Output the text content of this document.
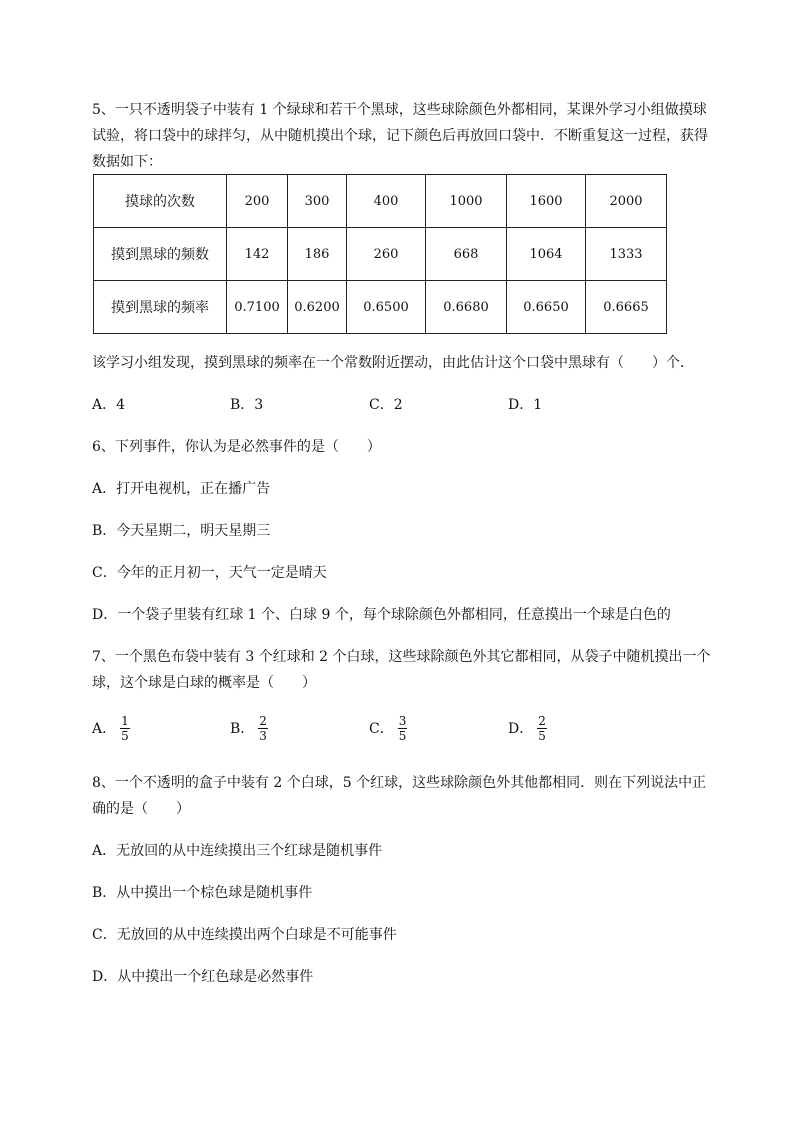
5、一只不透明袋子中装有 1 个绿球和若干个黑球，这些球除颜色外都相同，某课外学习小组做摸球
试验，将口袋中的球拌匀，从中随机摸出个球，记下颜色后再放回口袋中．不断重复这一过程，获得
数据如下：
摸球的次数	200	300	400	1000	1600	2000
摸到黑球的频数	142	186	260	668	1064	1333
摸到黑球的频率	0.7100	0.6200	0.6500	0.6680	0.6650	0.6665
该学习小组发现，摸到黑球的频率在一个常数附近摆动，由此估计这个口袋中黑球有（　　）个．
A．4	B．3	C．2	D．1
6、下列事件，你认为是必然事件的是（　　）
A．打开电视机，正在播广告
B．今天星期二，明天星期三
C．今年的正月初一，天气一定是晴天
D．一个袋子里装有红球 1 个、白球 9 个，每个球除颜色外都相同，任意摸出一个球是白色的
7、一个黑色布袋中装有 3 个红球和 2 个白球，这些球除颜色外其它都相同，从袋子中随机摸出一个
球，这个球是白球的概率是（　　）
A． $\frac{1}{5}$	B． $\frac{2}{3}$	C． $\frac{3}{5}$	D． $\frac{2}{5}$
8、一个不透明的盒子中装有 2 个白球，5 个红球，这些球除颜色外其他都相同．则在下列说法中正
确的是（　　）
A．无放回的从中连续摸出三个红球是随机事件
B．从中摸出一个棕色球是随机事件
C．无放回的从中连续摸出两个白球是不可能事件
D．从中摸出一个红色球是必然事件
